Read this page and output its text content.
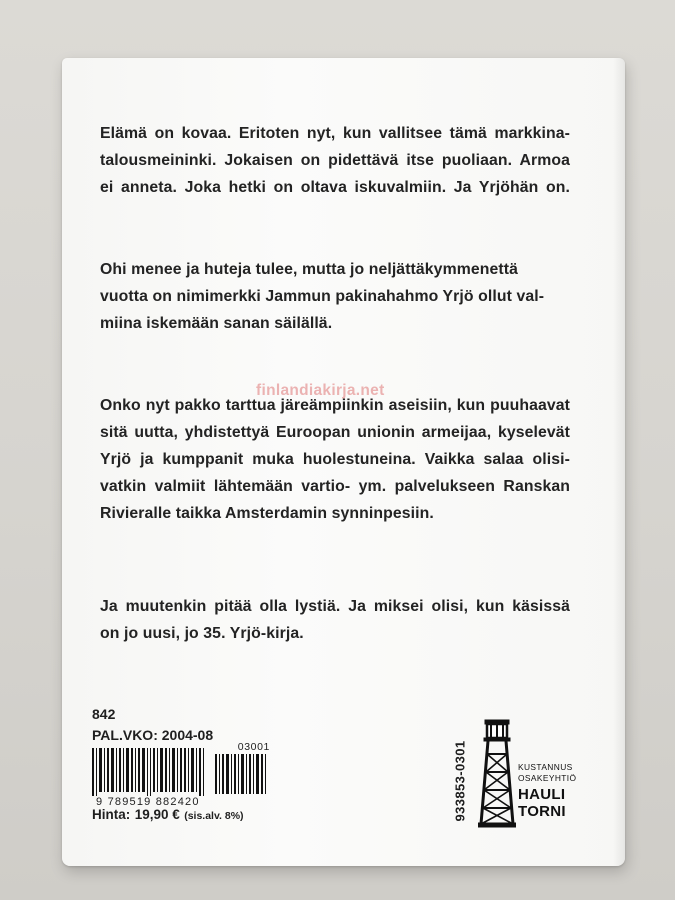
Elämä on kovaa. Eritoten nyt, kun vallitsee tämä markkina-
talousmeininki. Jokaisen on pidettävä itse puoliaan. Armoa
ei anneta. Joka hetki on oltava iskuvalmiin. Ja Yrjöhän on.
Ohi menee ja huteja tulee, mutta jo neljättäkymmenettä
vuotta on nimimerkki Jammun pakinahahmo Yrjö ollut val-
miina iskemään sanan säilällä.
Onko nyt pakko tarttua järeämpiinkin aseisiin, kun puuhaavat
sitä uutta, yhdistettyä Euroopan unionin armeijaa, kyselevät
Yrjö ja kumppanit muka huolestuneina. Vaikka salaa olisi-
vatkin valmiit lähtemään vartio- ym. palvelukseen Ranskan
Rivieralle taikka Amsterdamin synninpesiin.
finlandiakirja.net
Ja muutenkin pitää olla lystiä. Ja miksei olisi, kun käsissä
on jo uusi, jo 35. Yrjö-kirja.
842
PAL.VKO: 2004-08
03001
9 789519 882420
Hinta: 19,90 € (sis.alv. 8%)	933853-0301	KUSTANNUS
OSAKEYHTIÖ
HAULI
TORNI
